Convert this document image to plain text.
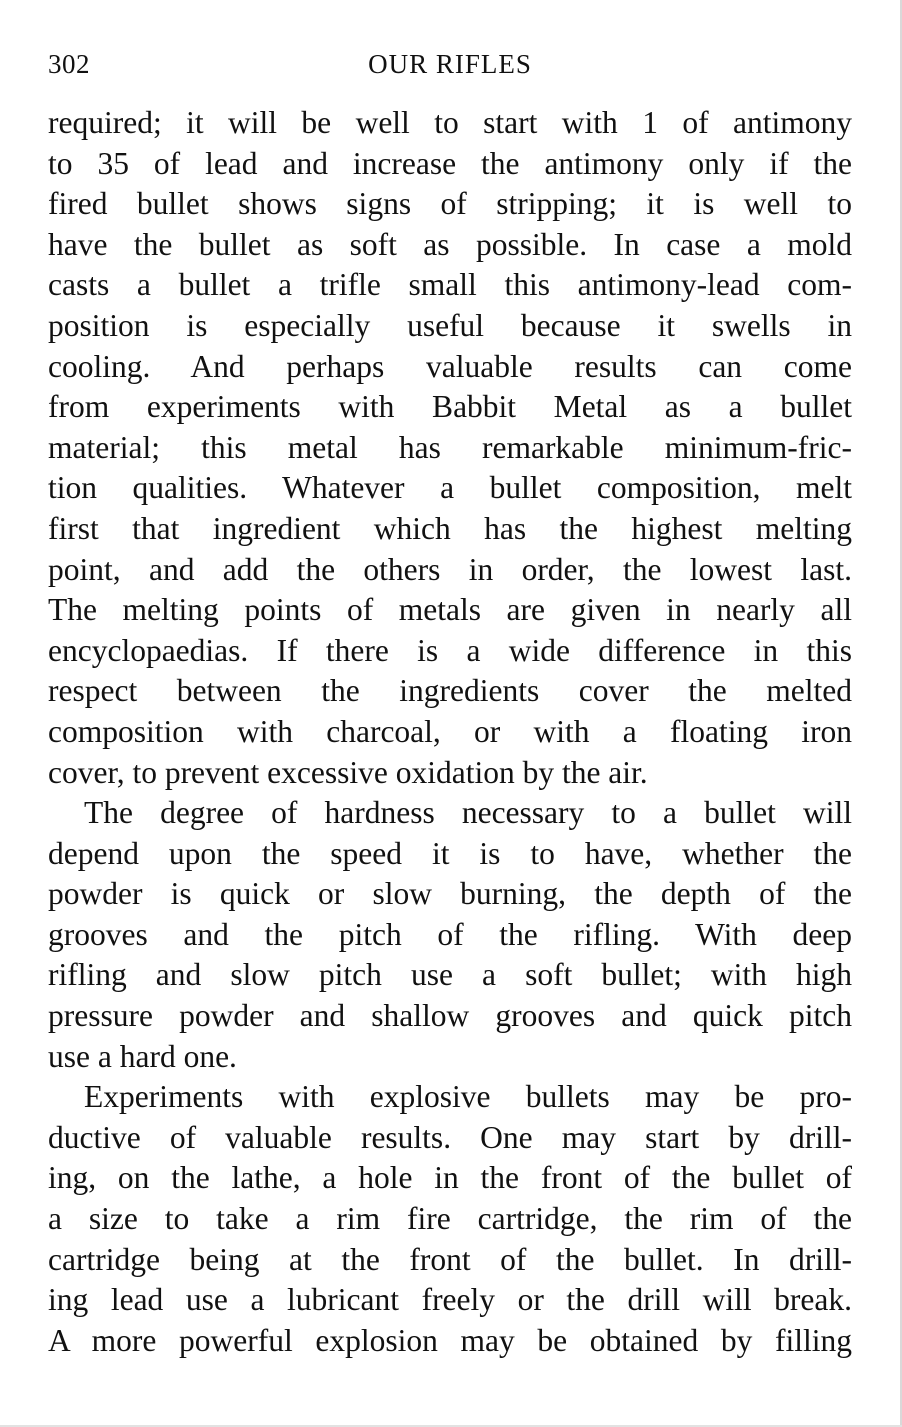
302	OUR RIFLES
required; it will be well to start with 1 of antimony
to 35 of lead and increase the antimony only if the
fired bullet shows signs of stripping; it is well to
have the bullet as soft as possible. In case a mold
casts a bullet a trifle small this antimony-lead com-
position is especially useful because it swells in
cooling. And perhaps valuable results can come
from experiments with Babbit Metal as a bullet
material; this metal has remarkable minimum-fric-
tion qualities. Whatever a bullet composition, melt
first that ingredient which has the highest melting
point, and add the others in order, the lowest last.
The melting points of metals are given in nearly all
encyclopaedias. If there is a wide difference in this
respect between the ingredients cover the melted
composition with charcoal, or with a floating iron
cover, to prevent excessive oxidation by the air.
The degree of hardness necessary to a bullet will
depend upon the speed it is to have, whether the
powder is quick or slow burning, the depth of the
grooves and the pitch of the rifling. With deep
rifling and slow pitch use a soft bullet; with high
pressure powder and shallow grooves and quick pitch
use a hard one.
Experiments with explosive bullets may be pro-
ductive of valuable results. One may start by drill-
ing, on the lathe, a hole in the front of the bullet of
a size to take a rim fire cartridge, the rim of the
cartridge being at the front of the bullet. In drill-
ing lead use a lubricant freely or the drill will break.
A more powerful explosion may be obtained by filling
